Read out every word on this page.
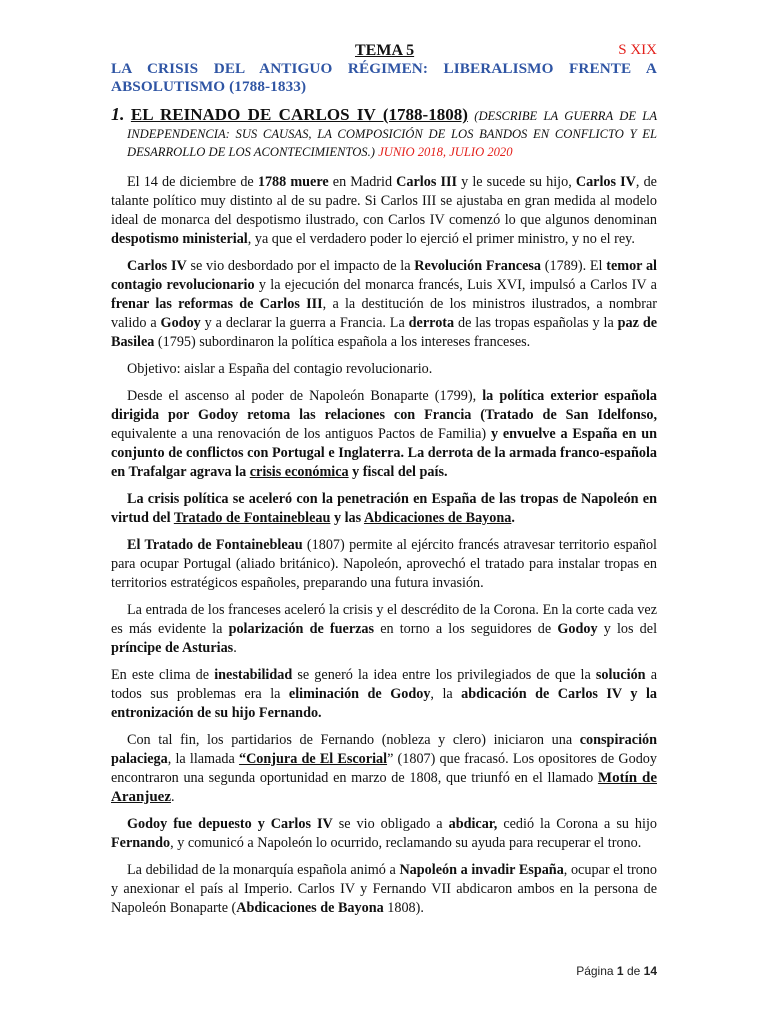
TEMA 5	S XIX
LA CRISIS DEL ANTIGUO RÉGIMEN: LIBERALISMO FRENTE A ABSOLUTISMO (1788-1833)
1. EL REINADO DE CARLOS IV (1788-1808) (DESCRIBE LA GUERRA DE LA INDEPENDENCIA: SUS CAUSAS, LA COMPOSICIÓN DE LOS BANDOS EN CONFLICTO Y EL DESARROLLO DE LOS ACONTECIMIENTOS.) JUNIO 2018, JULIO 2020

El 14 de diciembre de 1788 muere en Madrid Carlos III y le sucede su hijo, Carlos IV, de talante político muy distinto al de su padre. Si Carlos III se ajustaba en gran medida al modelo ideal de monarca del despotismo ilustrado, con Carlos IV comenzó lo que algunos denominan despotismo ministerial, ya que el verdadero poder lo ejerció el primer ministro, y no el rey.

Carlos IV se vio desbordado por el impacto de la Revolución Francesa (1789). El temor al contagio revolucionario y la ejecución del monarca francés, Luis XVI, impulsó a Carlos IV a frenar las reformas de Carlos III, a la destitución de los ministros ilustrados, a nombrar valido a Godoy y a declarar la guerra a Francia. La derrota de las tropas españolas y la paz de Basilea (1795) subordinaron la política española a los intereses franceses.

Objetivo: aislar a España del contagio revolucionario.

Desde el ascenso al poder de Napoleón Bonaparte (1799), la política exterior española dirigida por Godoy retoma las relaciones con Francia (Tratado de San Idelfonso, equivalente a una renovación de los antiguos Pactos de Familia) y envuelve a España en un conjunto de conflictos con Portugal e Inglaterra. La derrota de la armada franco-española en Trafalgar agrava la crisis económica y fiscal del país.

La crisis política se aceleró con la penetración en España de las tropas de Napoleón en virtud del Tratado de Fontainebleau y las Abdicaciones de Bayona.

El Tratado de Fontainebleau (1807) permite al ejército francés atravesar territorio español para ocupar Portugal (aliado británico). Napoleón, aprovechó el tratado para instalar tropas en territorios estratégicos españoles, preparando una futura invasión.

La entrada de los franceses aceleró la crisis y el descrédito de la Corona. En la corte cada vez es más evidente la polarización de fuerzas en torno a los seguidores de Godoy y los del príncipe de Asturias.

En este clima de inestabilidad se generó la idea entre los privilegiados de que la solución a todos sus problemas era la eliminación de Godoy, la abdicación de Carlos IV y la entronización de su hijo Fernando.

Con tal fin, los partidarios de Fernando (nobleza y clero) iniciaron una conspiración palaciega, la llamada “Conjura de El Escorial” (1807) que fracasó. Los opositores de Godoy encontraron una segunda oportunidad en marzo de 1808, que triunfó en el llamado Motín de Aranjuez.

Godoy fue depuesto y Carlos IV se vio obligado a abdicar, cedió la Corona a su hijo Fernando, y comunicó a Napoleón lo ocurrido, reclamando su ayuda para recuperar el trono.

La debilidad de la monarquía española animó a Napoleón a invadir España, ocupar el trono y anexionar el país al Imperio. Carlos IV y Fernando VII abdicaron ambos en la persona de Napoleón Bonaparte (Abdicaciones de Bayona 1808).

Página 1 de 14
